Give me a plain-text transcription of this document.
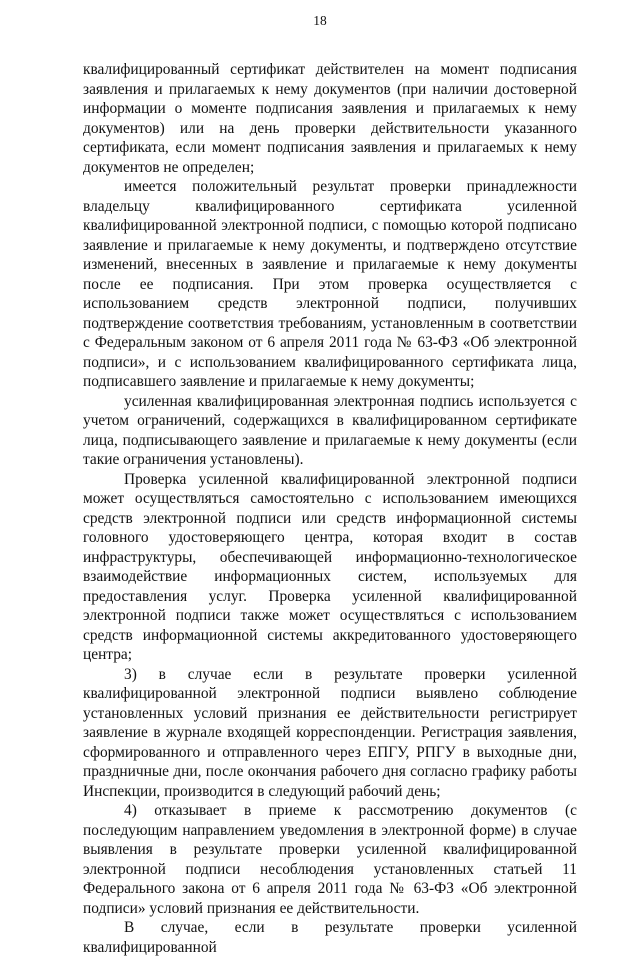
18

квалифицированный сертификат действителен на момент подписания заявления и прилагаемых к нему документов (при наличии достоверной информации о моменте подписания заявления и прилагаемых к нему документов) или на день проверки действительности указанного сертификата, если момент подписания заявления и прилагаемых к нему документов не определен;

имеется положительный результат проверки принадлежности владельцу квалифицированного сертификата усиленной квалифицированной электронной подписи, с помощью которой подписано заявление и прилагаемые к нему документы, и подтверждено отсутствие изменений, внесенных в заявление и прилагаемые к нему документы после ее подписания. При этом проверка осуществляется с использованием средств электронной подписи, получивших подтверждение соответствия требованиям, установленным в соответствии с Федеральным законом от 6 апреля 2011 года № 63-ФЗ «Об электронной подписи», и с использованием квалифицированного сертификата лица, подписавшего заявление и прилагаемые к нему документы;

усиленная квалифицированная электронная подпись используется с учетом ограничений, содержащихся в квалифицированном сертификате лица, подписывающего заявление и прилагаемые к нему документы (если такие ограничения установлены).

Проверка усиленной квалифицированной электронной подписи может осуществляться самостоятельно с использованием имеющихся средств электронной подписи или средств информационной системы головного удостоверяющего центра, которая входит в состав инфраструктуры, обеспечивающей информационно-технологическое взаимодействие информационных систем, используемых для предоставления услуг. Проверка усиленной квалифицированной электронной подписи также может осуществляться с использованием средств информационной системы аккредитованного удостоверяющего центра;

3) в случае если в результате проверки усиленной квалифицированной электронной подписи выявлено соблюдение установленных условий признания ее действительности регистрирует заявление в журнале входящей корреспонденции. Регистрация заявления, сформированного и отправленного через ЕПГУ, РПГУ в выходные дни, праздничные дни, после окончания рабочего дня согласно графику работы Инспекции, производится в следующий рабочий день;

4) отказывает в приеме к рассмотрению документов (с последующим направлением уведомления в электронной форме) в случае выявления в результате проверки усиленной квалифицированной электронной подписи несоблюдения установленных статьей 11 Федерального закона от 6 апреля 2011 года № 63-ФЗ «Об электронной подписи» условий признания ее действительности.

В случае, если в результате проверки усиленной квалифицированной
